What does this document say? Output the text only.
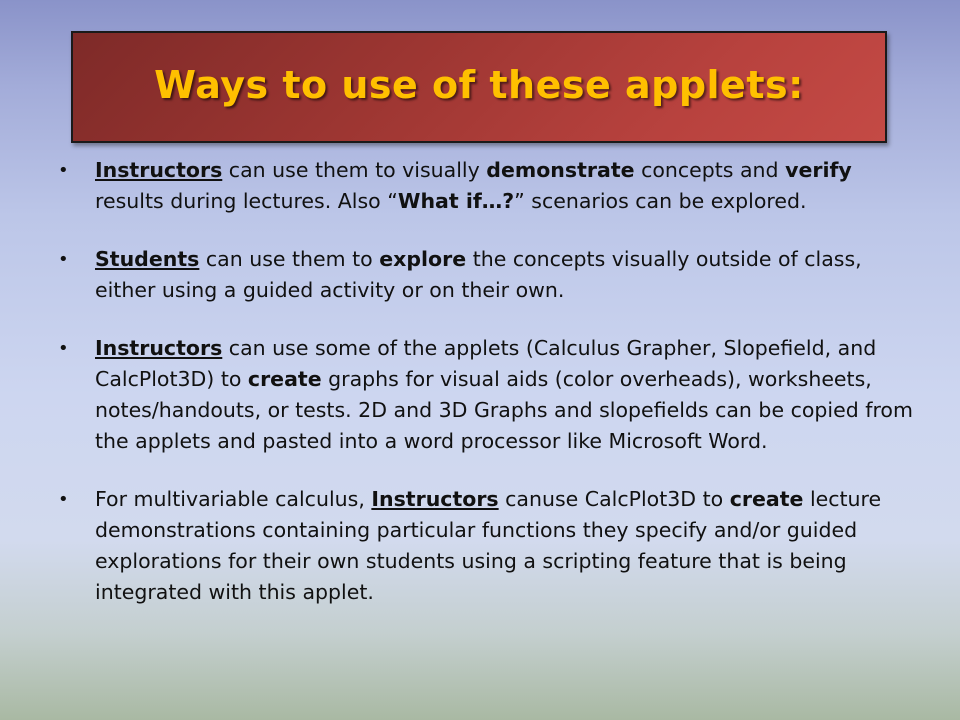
Ways to use of these applets:
• Instructors can use them to visually demonstrate concepts and verify results during lectures. Also “What if…?” scenarios can be explored.
• Students can use them to explore the concepts visually outside of class, either using a guided activity or on their own.
• Instructors can use some of the applets (Calculus Grapher, Slopefield, and CalcPlot3D) to create graphs for visual aids (color overheads), worksheets, notes/handouts, or tests. 2D and 3D Graphs and slopefields can be copied from the applets and pasted into a word processor like Microsoft Word.
• For multivariable calculus, Instructors canuse CalcPlot3D to create lecture demonstrations containing particular functions they specify and/or guided explorations for their own students using a scripting feature that is being integrated with this applet.
